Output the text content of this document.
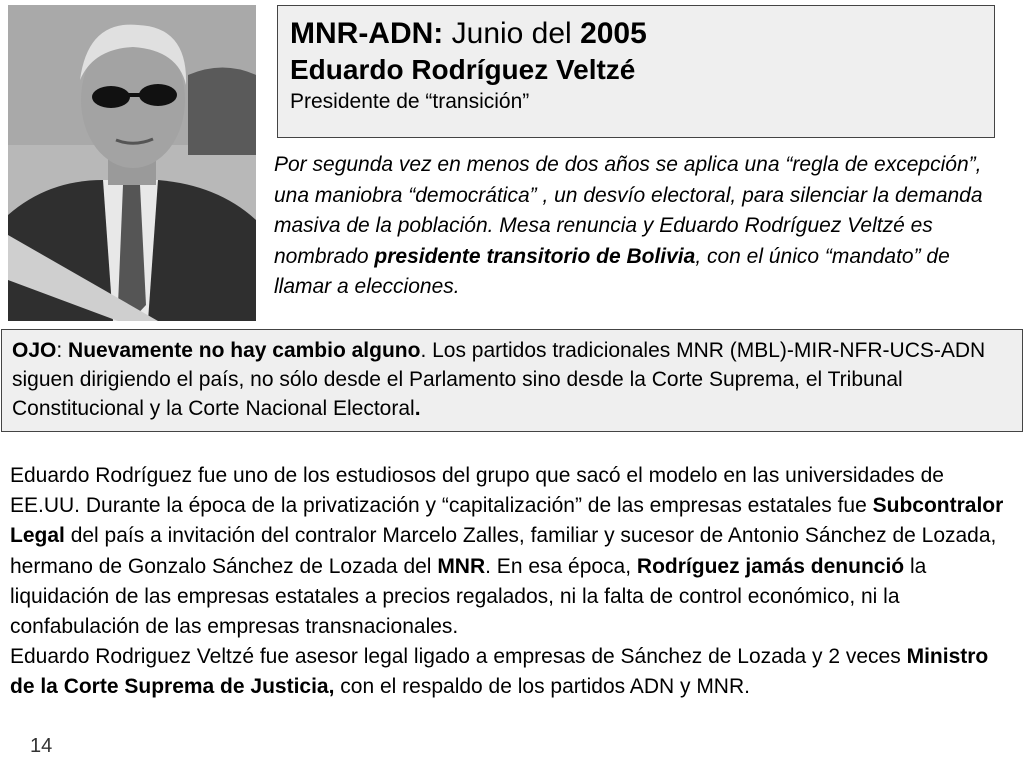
MNR-ADN: Junio del 2005
Eduardo Rodríguez Veltzé
Presidente de “transición”

Por segunda vez en menos de dos años se aplica una “regla de excepción”, una maniobra “democrática” , un desvío electoral, para silenciar la demanda masiva de la población. Mesa renuncia y Eduardo Rodríguez Veltzé es nombrado presidente transitorio de Bolivia, con el único “mandato” de llamar a elecciones.

OJO: Nuevamente no hay cambio alguno. Los partidos tradicionales MNR (MBL)-MIR-NFR-UCS-ADN siguen dirigiendo el país, no sólo desde el Parlamento sino desde la Corte Suprema, el Tribunal Constitucional y la Corte Nacional Electoral.

Eduardo Rodríguez fue uno de los estudiosos del grupo que sacó el modelo en las universidades de EE.UU. Durante la época de la privatización y “capitalización” de las empresas estatales fue Subcontralor Legal del país a invitación del contralor Marcelo Zalles, familiar y sucesor de Antonio Sánchez de Lozada, hermano de Gonzalo Sánchez de Lozada del MNR. En esa época, Rodríguez jamás denunció la liquidación de las empresas estatales a precios regalados, ni la falta de control económico, ni la confabulación de las empresas transnacionales.

Eduardo Rodriguez Veltzé fue asesor legal ligado a empresas de Sánchez de Lozada y 2 veces Ministro de la Corte Suprema de Justicia, con el respaldo de los partidos ADN y MNR.

14
